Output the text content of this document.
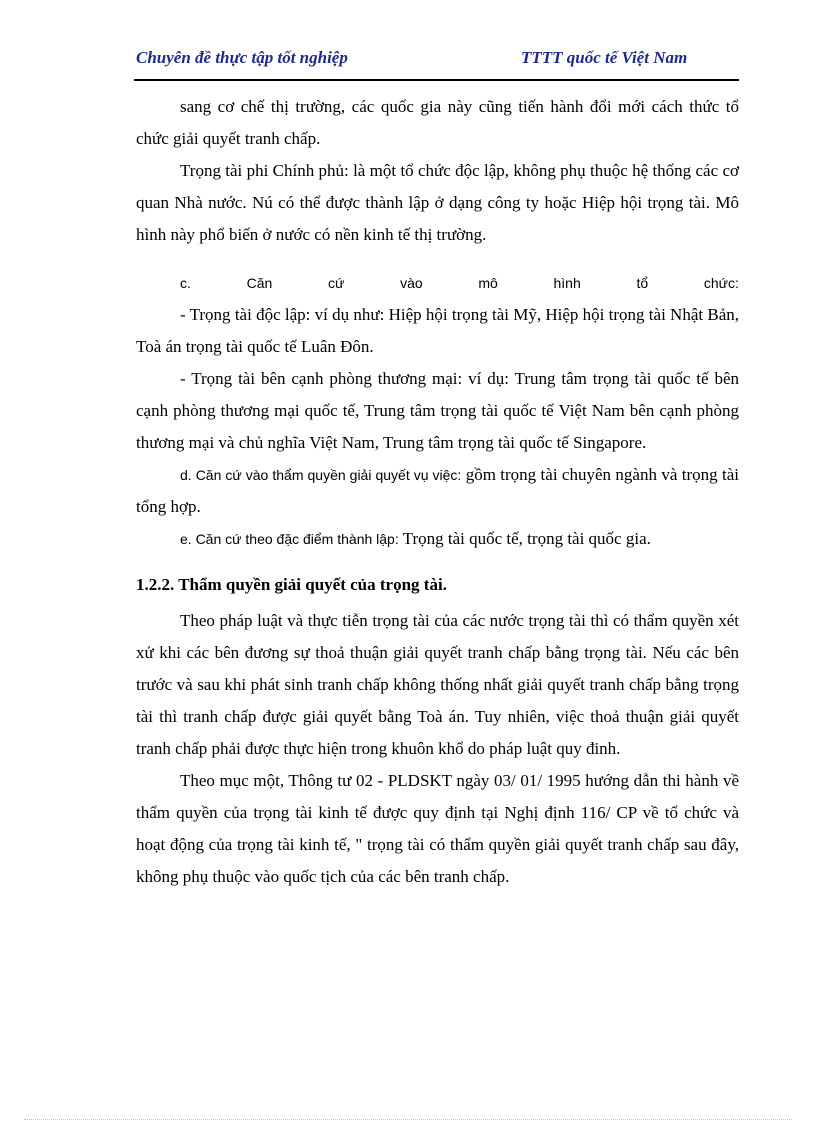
Chuyên đề thực tập tốt nghiệp	TTTT quốc tế Việt Nam

sang cơ chế thị trường, các quốc gia này cũng tiến hành đổi mới cách thức tổ chức giải quyết tranh chấp.

Trọng tài phi Chính phủ: là một tổ chức độc lập, không phụ thuộc hệ thống các cơ quan Nhà nước. Nú có thể được thành lập ở dạng công ty hoặc Hiệp hội trọng tài. Mô hình này phổ biến ở nước có nền kinh tế thị trường.

c.	Căn	cứ	vào	mô	hình	tổ	chức:

- Trọng tài độc lập: ví dụ như: Hiệp hội trọng tài Mỹ, Hiệp hội trọng tài Nhật Bản, Toà án trọng tài quốc tế Luân Đôn.

- Trọng tài bên cạnh phòng thương mại: ví dụ: Trung tâm trọng tài quốc tế bên cạnh phòng thương mại quốc tế, Trung tâm trọng tài quốc tế Việt Nam bên cạnh phòng thương mại và chủ nghĩa Việt Nam, Trung tâm trọng tài quốc tế Singapore.

d. Căn cứ vào thẩm quyền giải quyết vụ việc: gồm trọng tài chuyên ngành và trọng tài tổng hợp.

e. Căn cứ theo đặc điểm thành lập: Trọng tài quốc tế, trọng tài quốc gia.

1.2.2. Thẩm quyền giải quyết của trọng tài.

Theo pháp luật và thực tiễn trọng tài của các nước trọng tài thì có thẩm quyền xét xử khi các bên đương sự thoả thuận giải quyết tranh chấp bằng trọng tài. Nếu các bên trước và sau khi phát sinh tranh chấp không thống nhất giải quyết tranh chấp bằng trọng tài thì tranh chấp được giải quyết bằng Toà án. Tuy nhiên, việc thoả thuận giải quyết tranh chấp phải được thực hiện trong khuôn khổ do pháp luật quy đinh.

Theo mục một, Thông tư 02 - PLDSKT ngày 03/ 01/ 1995 hướng dẫn thi hành về thẩm quyền của trọng tài kinh tế được quy định tại Nghị định 116/ CP về tổ chức và hoạt động của trọng tài kinh tế, " trọng tài có thẩm quyền giải quyết tranh chấp sau đây, không phụ thuộc vào quốc tịch của các bên tranh chấp.
